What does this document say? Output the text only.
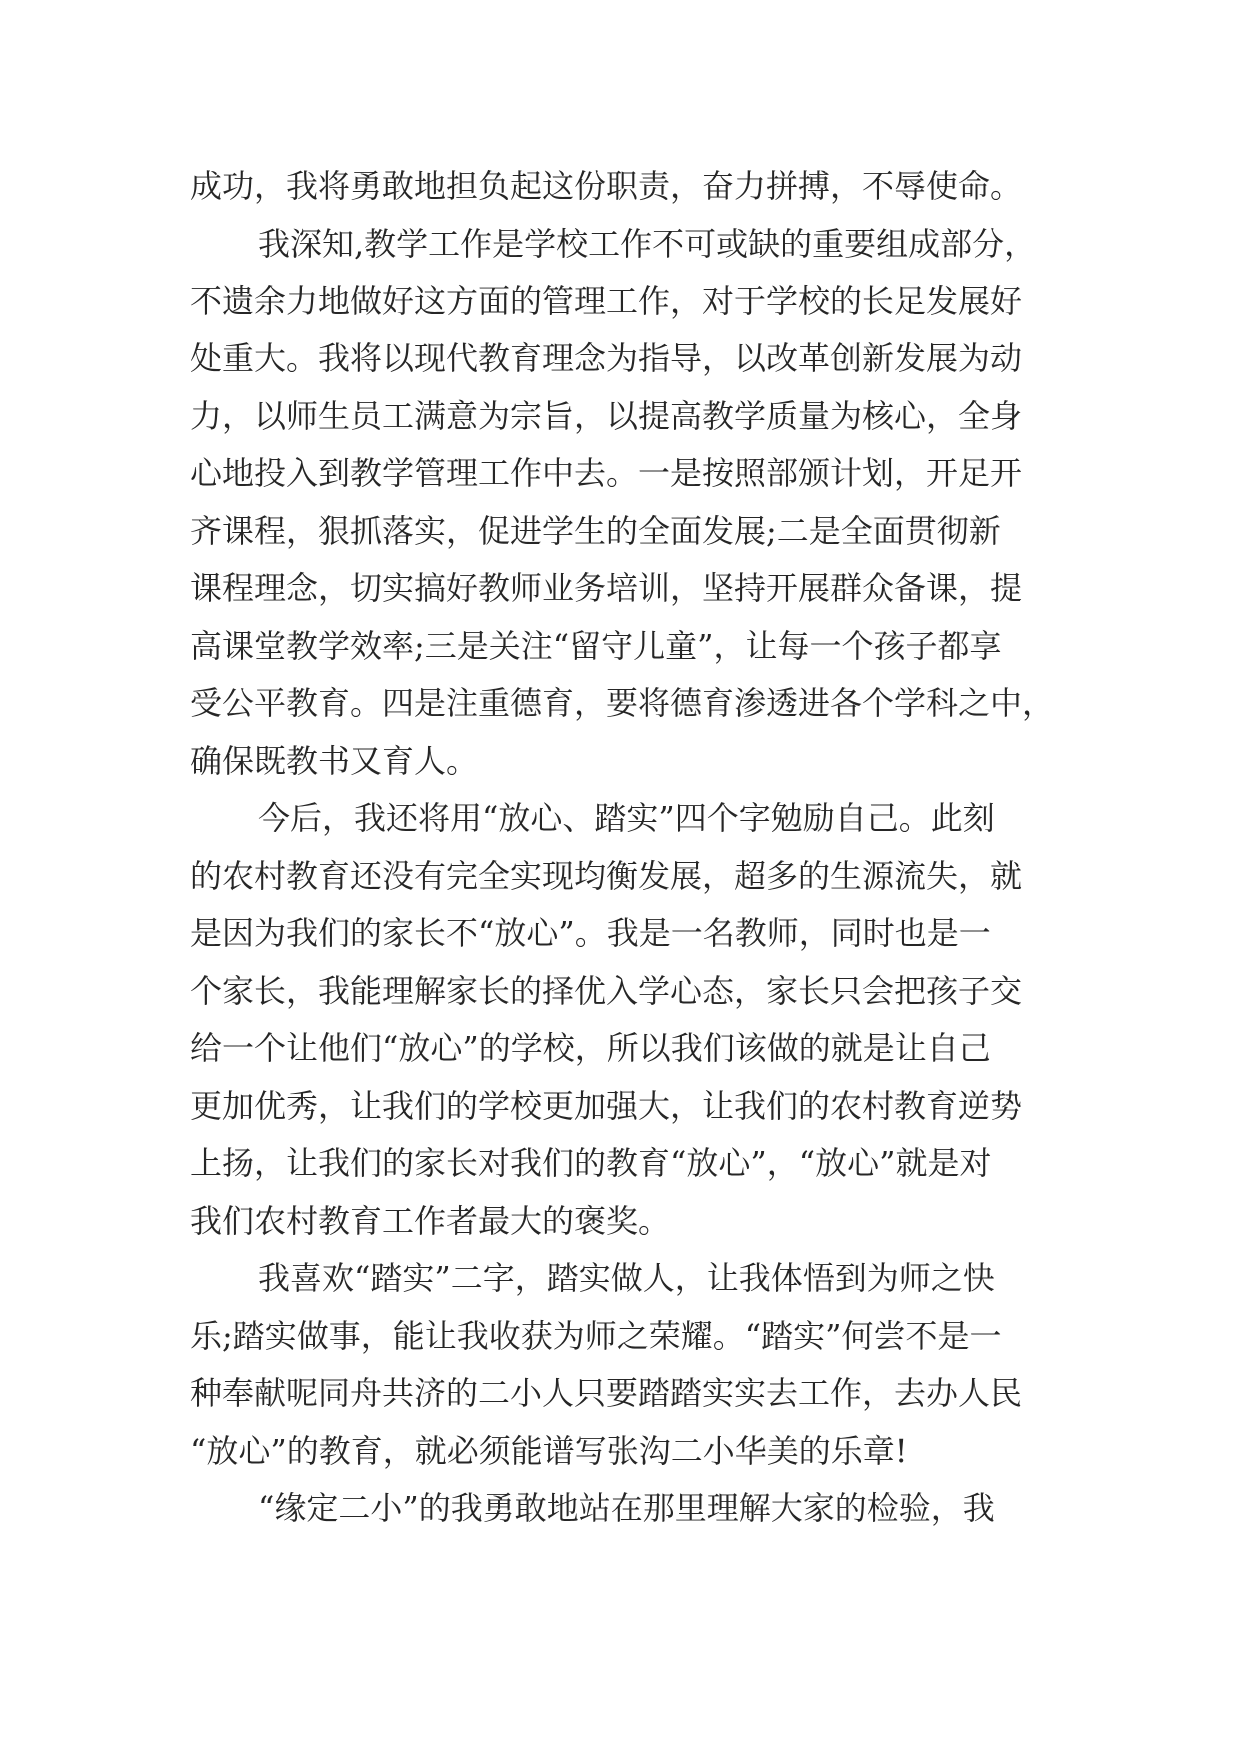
成功，我将勇敢地担负起这份职责，奋力拼搏，不辱使命。
我深知,教学工作是学校工作不可或缺的重要组成部分，
不遗余力地做好这方面的管理工作，对于学校的长足发展好
处重大。我将以现代教育理念为指导，以改革创新发展为动
力，以师生员工满意为宗旨，以提高教学质量为核心，全身
心地投入到教学管理工作中去。一是按照部颁计划，开足开
齐课程，狠抓落实，促进学生的全面发展;二是全面贯彻新
课程理念，切实搞好教师业务培训，坚持开展群众备课，提
高课堂教学效率;三是关注“留守儿童”，让每一个孩子都享
受公平教育。四是注重德育，要将德育渗透进各个学科之中，
确保既教书又育人。
今后，我还将用“放心、踏实”四个字勉励自己。此刻
的农村教育还没有完全实现均衡发展，超多的生源流失，就
是因为我们的家长不“放心”。我是一名教师，同时也是一
个家长，我能理解家长的择优入学心态，家长只会把孩子交
给一个让他们“放心”的学校，所以我们该做的就是让自己
更加优秀，让我们的学校更加强大，让我们的农村教育逆势
上扬，让我们的家长对我们的教育“放心”，“放心”就是对
我们农村教育工作者最大的褒奖。
我喜欢“踏实”二字，踏实做人，让我体悟到为师之快
乐;踏实做事，能让我收获为师之荣耀。“踏实”何尝不是一
种奉献呢同舟共济的二小人只要踏踏实实去工作，去办人民
“放心”的教育，就必须能谱写张沟二小华美的乐章!
“缘定二小”的我勇敢地站在那里理解大家的检验，我
